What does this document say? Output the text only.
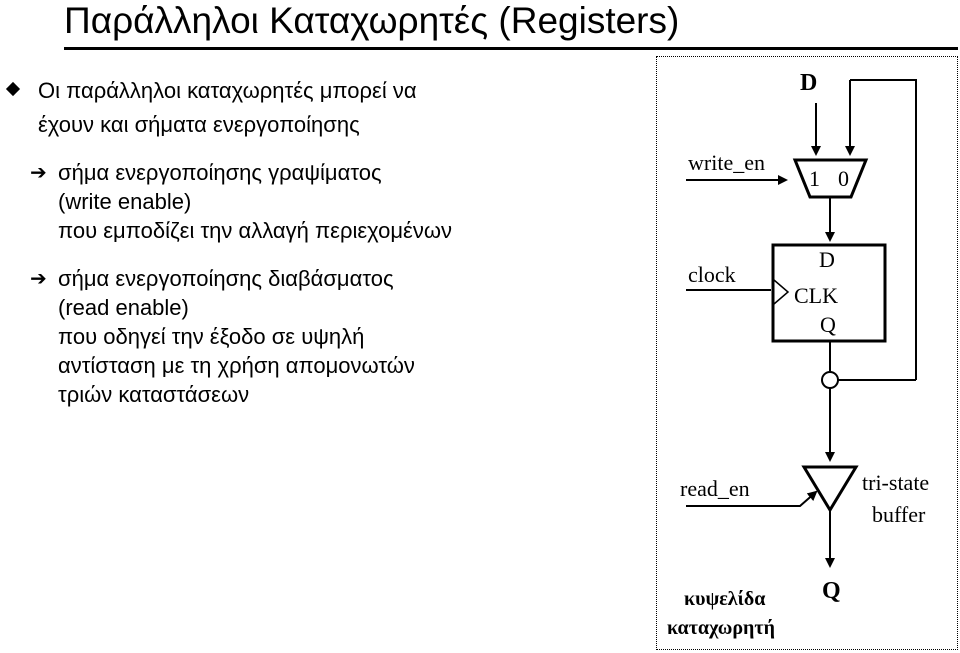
Παράλληλοι Καταχωρητές (Registers)
Οι παράλληλοι καταχωρητές μπορεί να
έχουν και σήματα ενεργοποίησης
➔ σήμα ενεργοποίησης γραψίματος
(write enable)
που εμποδίζει την αλλαγή περιεχομένων
➔ σήμα ενεργοποίησης διαβάσματος
(read enable)
που οδηγεί την έξοδο σε υψηλή
αντίσταση με τη χρήση απομονωτών
τριών καταστάσεων
D
write_en
1 0
clock
D
CLK
Q
read_en	tri-state
buffer
κυψελίδα
καταχωρητή
Q
